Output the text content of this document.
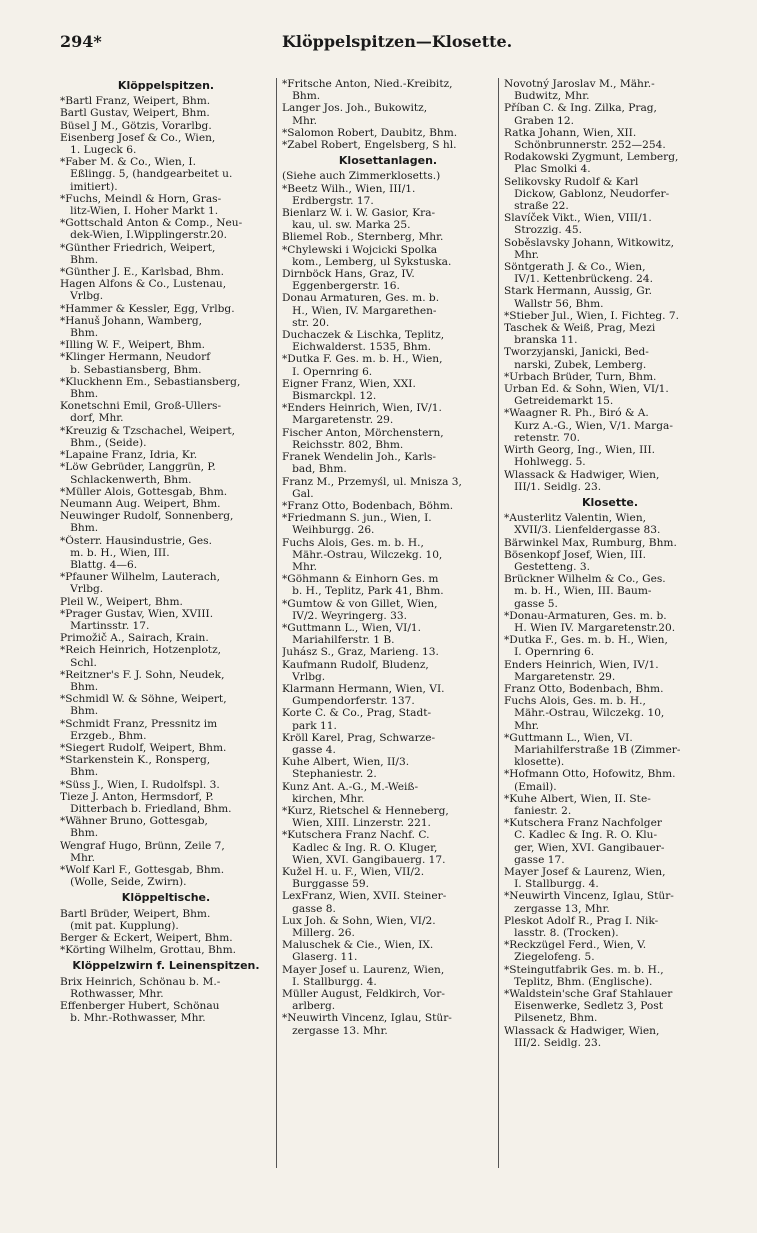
294*	Klöppelspitzen—Klosette.
Klöppelspitzen.
*Bartl Franz, Weipert, Bhm.
Bartl Gustav, Weipert, Bhm.
Büsel J M., Götzis, Vorarlbg.
Eisenberg Josef & Co., Wien,
1. Lugeck 6.
*Faber M. & Co., Wien, I.
Eßlingg. 5, (handgearbeitet u.
imitiert).
*Fuchs, Meindl & Horn, Gras-
litz-Wien, I. Hoher Markt 1.
*Gottschald Anton & Comp., Neu-
dek-Wien, I.Wipplingerstr.20.
*Günther Friedrich, Weipert,
Bhm.
*Günther J. E., Karlsbad, Bhm.
Hagen Alfons & Co., Lustenau,
Vrlbg.
*Hammer & Kessler, Egg, Vrlbg.
*Hanuš Johann, Wamberg,
Bhm.
*Illing W. F., Weipert, Bhm.
*Klinger Hermann, Neudorf
b. Sebastiansberg, Bhm.
*Kluckhenn Em., Sebastiansberg,
Bhm.
Konetschni Emil, Groß-Ullers-
dorf, Mhr.
*Kreuzig & Tzschachel, Weipert,
Bhm., (Seide).
*Lapaine Franz, Idria, Kr.
*Löw Gebrüder, Langgrün, P.
Schlackenwerth, Bhm.
*Müller Alois, Gottesgab, Bhm.
Neumann Aug. Weipert, Bhm.
Neuwinger Rudolf, Sonnenberg,
Bhm.
*Österr. Hausindustrie, Ges.
m. b. H., Wien, III.
Blattg. 4—6.
*Pfauner Wilhelm, Lauterach,
Vrlbg.
Pleil W., Weipert, Bhm.
*Prager Gustav, Wien, XVIII.
Martinsstr. 17.
Primožič A., Sairach, Krain.
*Reich Heinrich, Hotzenplotz,
Schl.
*Reitzner's F. J. Sohn, Neudek,
Bhm.
*Schmidl W. & Söhne, Weipert,
Bhm.
*Schmidt Franz, Pressnitz im
Erzgeb., Bhm.
*Siegert Rudolf, Weipert, Bhm.
*Starkenstein K., Ronsperg,
Bhm.
*Süss J., Wien, I. Rudolfspl. 3.
Tieze J. Anton, Hermsdorf, P.
Ditterbach b. Friedland, Bhm.
*Wähner Bruno, Gottesgab,
Bhm.
Wengraf Hugo, Brünn, Zeile 7,
Mhr.
*Wolf Karl F., Gottesgab, Bhm.
(Wolle, Seide, Zwirn).
Klöppeltische.
Bartl Brüder, Weipert, Bhm.
(mit pat. Kupplung).
Berger & Eckert, Weipert, Bhm.
*Körting Wilhelm, Grottau, Bhm.
Klöppelzwirn f. Leinenspitzen.
Brix Heinrich, Schönau b. M.-
Rothwasser, Mhr.
Effenberger Hubert, Schönau
b. Mhr.-Rothwasser, Mhr.
*Fritsche Anton, Nied.-Kreibitz,
Bhm.
Langer Jos. Joh., Bukowitz,
Mhr.
*Salomon Robert, Daubitz, Bhm.
*Zabel Robert, Engelsberg, S hl.
Klosettanlagen.
(Siehe auch Zimmerklosetts.)
*Beetz Wilh., Wien, III/1.
Erdbergstr. 17.
Bienlarz W. i. W. Gasior, Kra-
kau, ul. sw. Marka 25.
Bliemel Rob., Sternberg, Mhr.
*Chylewski i Wojcicki Spolka
kom., Lemberg, ul Sykstuska.
Dirnböck Hans, Graz, IV.
Eggenbergerstr. 16.
Donau Armaturen, Ges. m. b.
H., Wien, IV. Margarethen-
str. 20.
Duchaczek & Lischka, Teplitz,
Eichwalderst. 1535, Bhm.
*Dutka F. Ges. m. b. H., Wien,
I. Opernring 6.
Eigner Franz, Wien, XXI.
Bismarckpl. 12.
*Enders Heinrich, Wien, IV/1.
Margaretenstr. 29.
Fischer Anton, Mörchenstern,
Reichsstr. 802, Bhm.
Franek Wendelin Joh., Karls-
bad, Bhm.
Franz M., Przemyśl, ul. Mnisza 3,
Gal.
*Franz Otto, Bodenbach, Böhm.
*Friedmann S. jun., Wien, I.
Weihburgg. 26.
Fuchs Alois, Ges. m. b. H.,
Mähr.-Ostrau, Wilczekg. 10,
Mhr.
*Göhmann & Einhorn Ges. m
b. H., Teplitz, Park 41, Bhm.
*Gumtow & von Gillet, Wien,
IV/2. Weyringerg. 33.
*Guttmann L., Wien, VI/1.
Mariahilferstr. 1 B.
Juhász S., Graz, Marieng. 13.
Kaufmann Rudolf, Bludenz,
Vrlbg.
Klarmann Hermann, Wien, VI.
Gumpendorferstr. 137.
Korte C. & Co., Prag, Stadt-
park 11.
Kröll Karel, Prag, Schwarze-
gasse 4.
Kuhe Albert, Wien, II/3.
Stephaniestr. 2.
Kunz Ant. A.-G., M.-Weiß-
kirchen, Mhr.
*Kurz, Rietschel & Henneberg,
Wien, XIII. Linzerstr. 221.
*Kutschera Franz Nachf. C.
Kadlec & Ing. R. O. Kluger,
Wien, XVI. Gangibauerg. 17.
Kužel H. u. F., Wien, VII/2.
Burggasse 59.
LexFranz, Wien, XVII. Steiner-
gasse 8.
Lux Joh. & Sohn, Wien, VI/2.
Millerg. 26.
Maluschek & Cie., Wien, IX.
Glaserg. 11.
Mayer Josef u. Laurenz, Wien,
I. Stallburgg. 4.
Müller August, Feldkirch, Vor-
arlberg.
*Neuwirth Vincenz, Iglau, Stür-
zergasse 13. Mhr.
Novotný Jaroslav M., Mähr.-
Budwitz, Mhr.
Příban C. & Ing. Zilka, Prag,
Graben 12.
Ratka Johann, Wien, XII.
Schönbrunnerstr. 252—254.
Rodakowski Zygmunt, Lemberg,
Plac Smolki 4.
Selikovsky Rudolf & Karl
Dickow, Gablonz, Neudorfer-
straße 22.
Slavíček Vikt., Wien, VIII/1.
Strozzig. 45.
Soběslavsky Johann, Witkowitz,
Mhr.
Söntgerath J. & Co., Wien,
IV/1. Kettenbrückeng. 24.
Stark Hermann, Aussig, Gr.
Wallstr 56, Bhm.
*Stieber Jul., Wien, I. Fichteg. 7.
Taschek & Weiß, Prag, Mezi
branska 11.
Tworzyjanski, Janicki, Bed-
narski, Zubek, Lemberg.
*Urbach Brüder, Turn, Bhm.
Urban Ed. & Sohn, Wien, VI/1.
Getreidemarkt 15.
*Waagner R. Ph., Biró & A.
Kurz A.-G., Wien, V/1. Marga-
retenstr. 70.
Wirth Georg, Ing., Wien, III.
Hohlwegg. 5.
Wlassack & Hadwiger, Wien,
III/1. Seidlg. 23.
Klosette.
*Austerlitz Valentin, Wien,
XVII/3. Lienfeldergasse 83.
Bärwinkel Max, Rumburg, Bhm.
Bösenkopf Josef, Wien, III.
Gestetteng. 3.
Brückner Wilhelm & Co., Ges.
m. b. H., Wien, III. Baum-
gasse 5.
*Donau-Armaturen, Ges. m. b.
H. Wien IV. Margaretenstr.20.
*Dutka F., Ges. m. b. H., Wien,
I. Opernring 6.
Enders Heinrich, Wien, IV/1.
Margaretenstr. 29.
Franz Otto, Bodenbach, Bhm.
Fuchs Alois, Ges. m. b. H.,
Mähr.-Ostrau, Wilczekg. 10,
Mhr.
*Guttmann L., Wien, VI.
Mariahilferstraße 1B (Zimmer-
klosette).
*Hofmann Otto, Hofowitz, Bhm.
(Email).
*Kuhe Albert, Wien, II. Ste-
faniestr. 2.
*Kutschera Franz Nachfolger
C. Kadlec & Ing. R. O. Klu-
ger, Wien, XVI. Gangibauer-
gasse 17.
Mayer Josef & Laurenz, Wien,
I. Stallburgg. 4.
*Neuwirth Vincenz, Iglau, Stür-
zergasse 13, Mhr.
Pleskot Adolf R., Prag I. Nik-
lasstr. 8. (Trocken).
*Reckzügel Ferd., Wien, V.
Ziegelofeng. 5.
*Steingutfabrik Ges. m. b. H.,
Teplitz, Bhm. (Englische).
*Waldstein'sche Graf Stahlauer
Eisenwerke, Sedletz 3, Post
Pilsenetz, Bhm.
Wlassack & Hadwiger, Wien,
III/2. Seidlg. 23.
